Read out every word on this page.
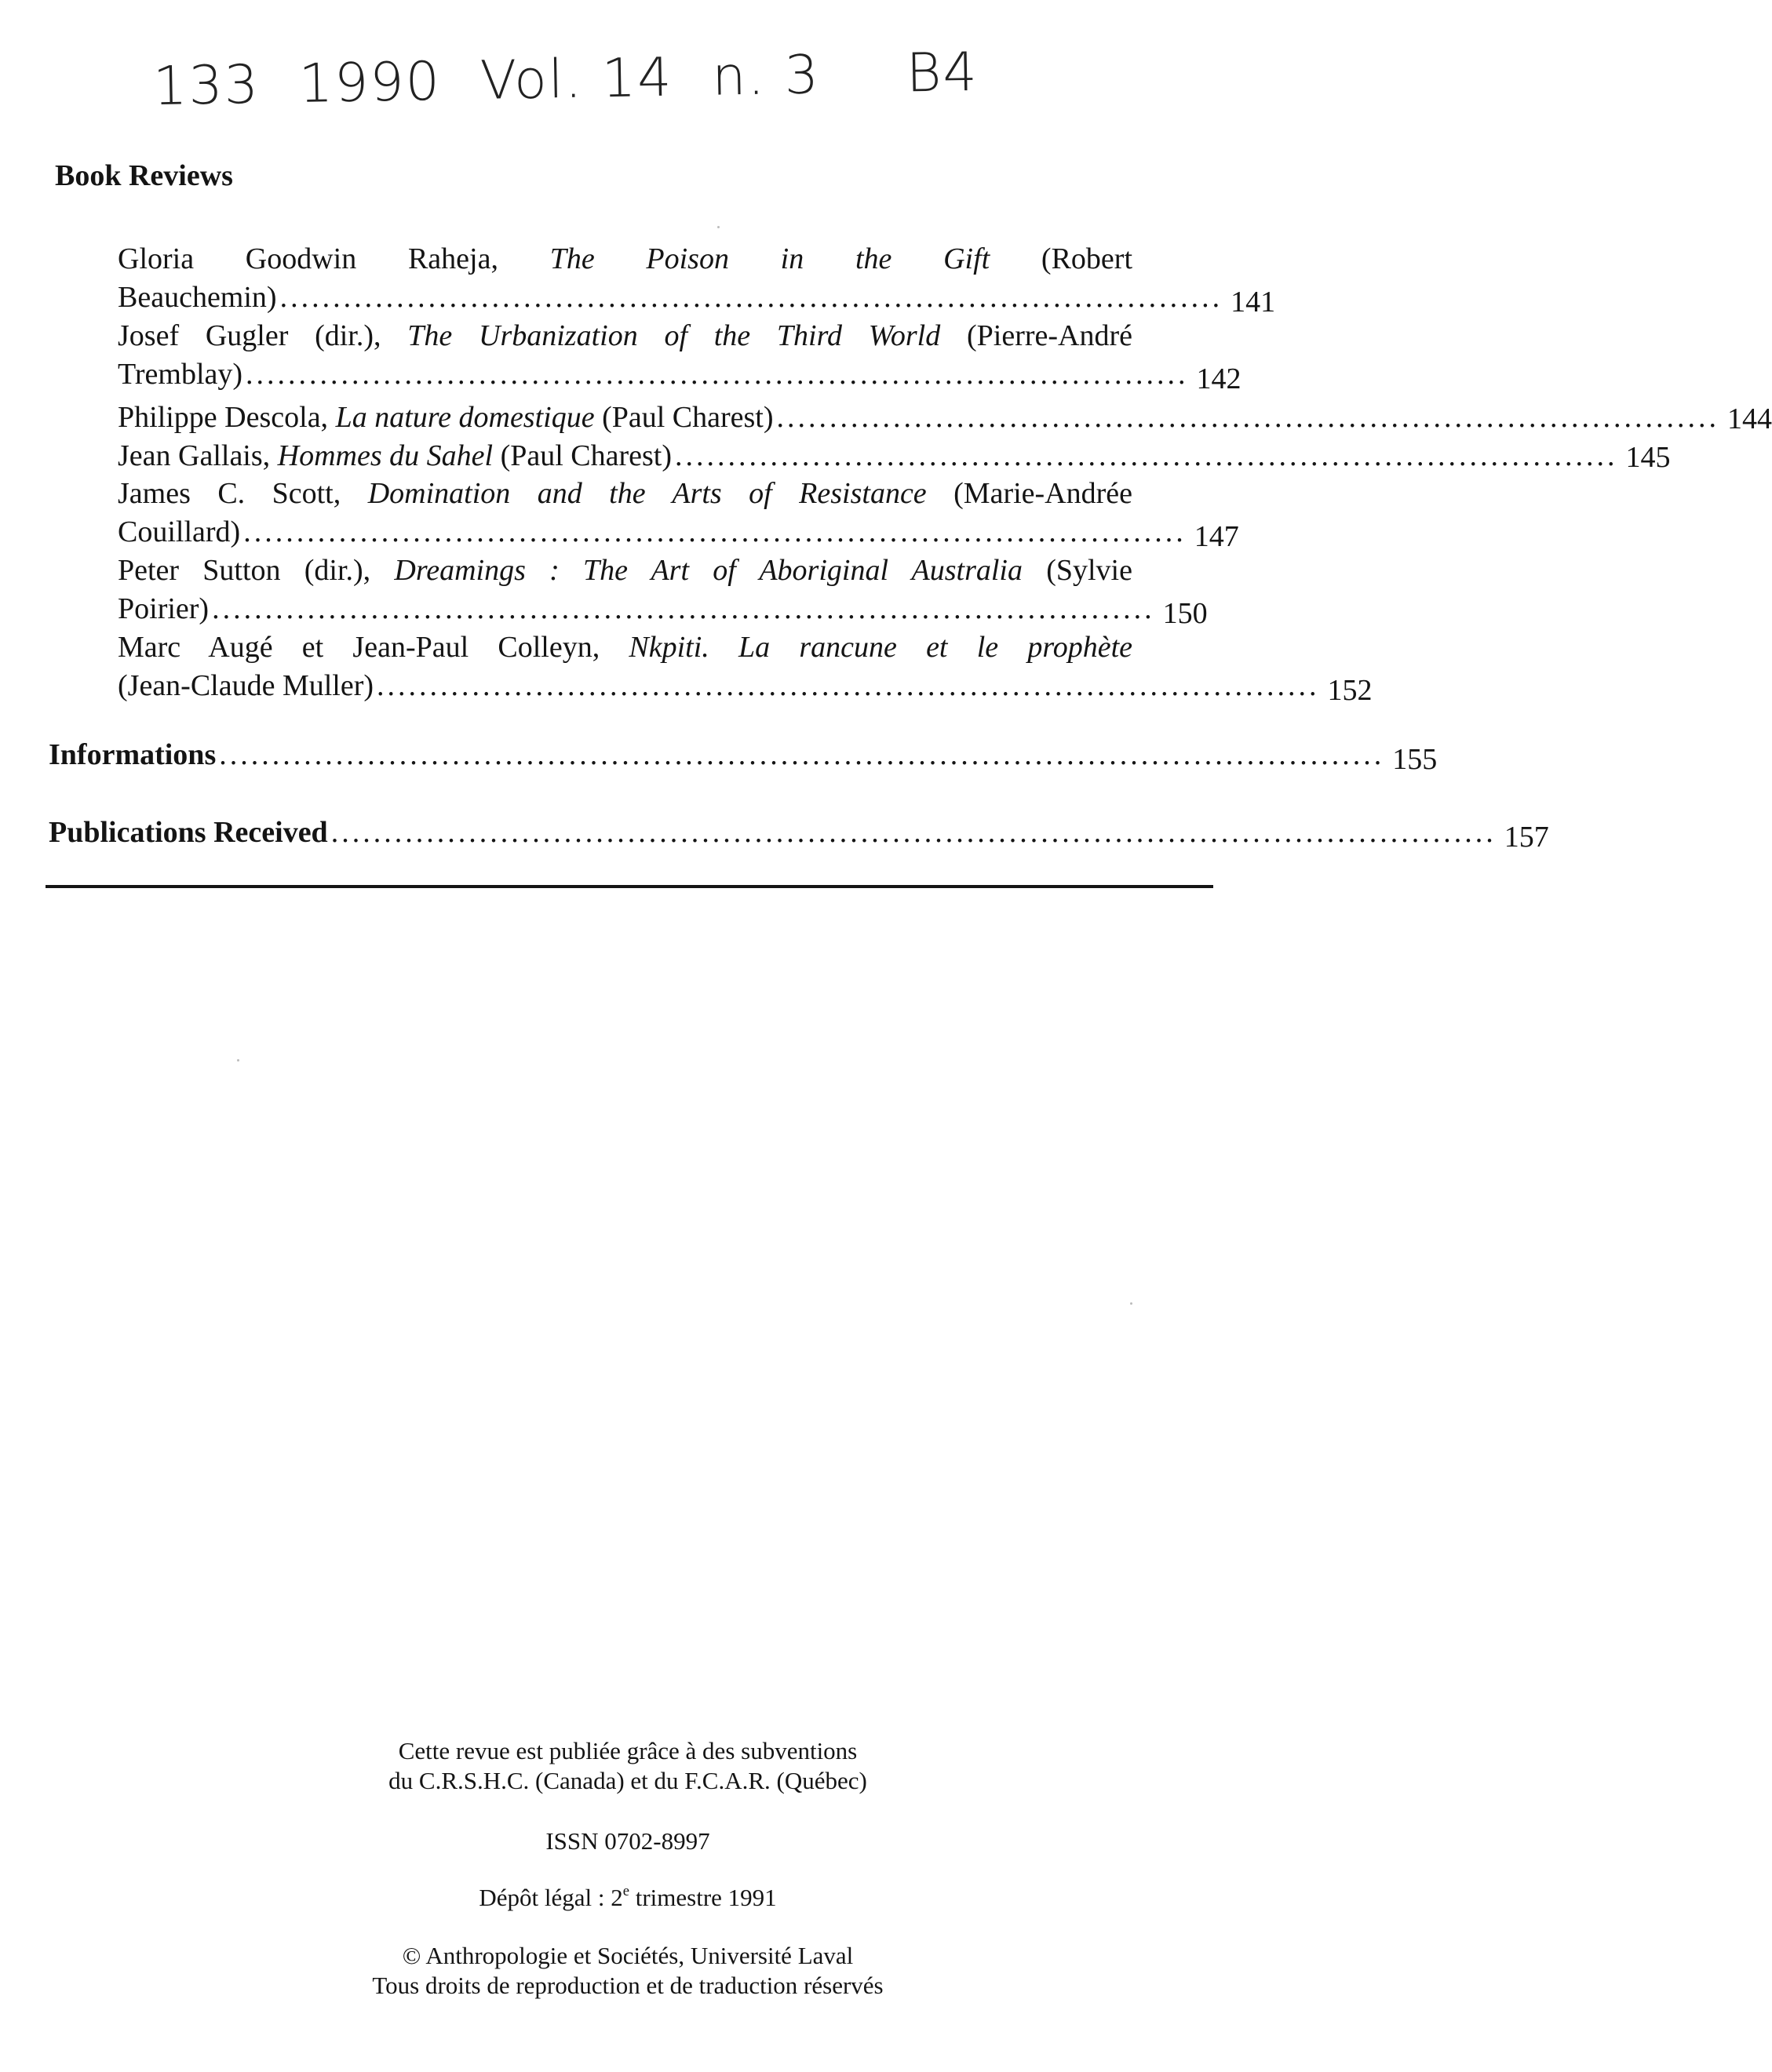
133 1990 Vol. 14 n. 3 B4
Book Reviews
Gloria Goodwin Raheja, The Poison in the Gift (Robert
Beauchemin) ......................................................................................... 141
Josef Gugler (dir.), The Urbanization of the Third World (Pierre-André
Tremblay) ......................................................................................... 142
Philippe Descola, La nature domestique (Paul Charest) ......................................................................................... 144
Jean Gallais, Hommes du Sahel (Paul Charest) ......................................................................................... 145
James C. Scott, Domination and the Arts of Resistance (Marie-Andrée
Couillard) ......................................................................................... 147
Peter Sutton (dir.), Dreamings : The Art of Aboriginal Australia (Sylvie
Poirier) ......................................................................................... 150
Marc Augé et Jean-Paul Colleyn, Nkpiti. La rancune et le prophète
(Jean-Claude Muller) ......................................................................................... 152
Informations .............................................................................................................. 155
Publications Received .............................................................................................................. 157
Cette revue est publiée grâce à des subventions
du C.R.S.H.C. (Canada) et du F.C.A.R. (Québec)
ISSN 0702-8997
Dépôt légal : 2e trimestre 1991
© Anthropologie et Sociétés, Université Laval
Tous droits de reproduction et de traduction réservés
